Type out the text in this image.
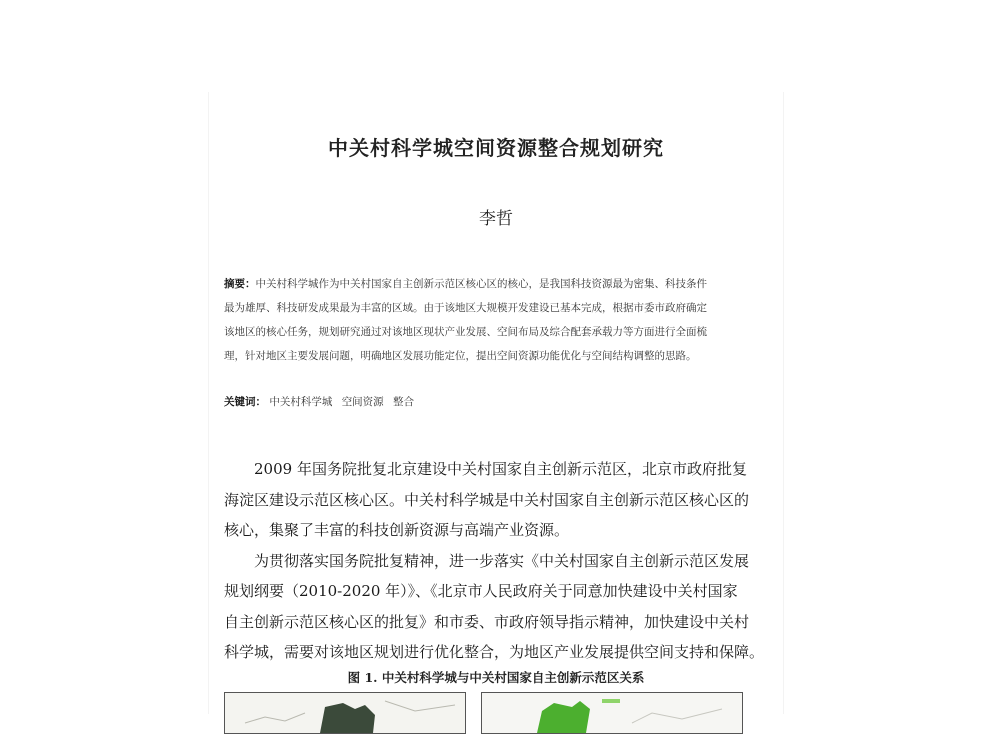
中关村科学城空间资源整合规划研究
李哲
摘要：中关村科学城作为中关村国家自主创新示范区核心区的核心，是我国科技资源最为密集、科技条件
最为雄厚、科技研发成果最为丰富的区域。由于该地区大规模开发建设已基本完成，根据市委市政府确定
该地区的核心任务，规划研究通过对该地区现状产业发展、空间布局及综合配套承载力等方面进行全面梳
理，针对地区主要发展问题，明确地区发展功能定位，提出空间资源功能优化与空间结构调整的思路。
关键词： 中关村科学城 空间资源 整合
2009 年国务院批复北京建设中关村国家自主创新示范区，北京市政府批复
海淀区建设示范区核心区。中关村科学城是中关村国家自主创新示范区核心区的
核心，集聚了丰富的科技创新资源与高端产业资源。
为贯彻落实国务院批复精神，进一步落实《中关村国家自主创新示范区发展
规划纲要（2010-2020 年）》、《北京市人民政府关于同意加快建设中关村国家
自主创新示范区核心区的批复》和市委、市政府领导指示精神，加快建设中关村
科学城，需要对该地区规划进行优化整合，为地区产业发展提供空间支持和保障。
图 1. 中关村科学城与中关村国家自主创新示范区关系
